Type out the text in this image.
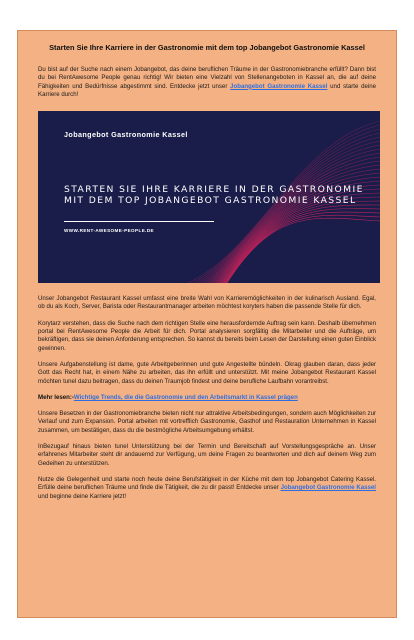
Starten Sie Ihre Karriere in der Gastronomie mit dem top Jobangebot Gastronomie Kassel

Du bist auf der Suche nach einem Jobangebot, das deine beruflichen Träume in der Gastronomiebranche erfüllt? Dann bist du bei RentAwesome People genau richtig! Wir bieten eine Vielzahl von Stellenangeboten in Kassel an, die auf deine Fähigkeiten und Bedürfnisse abgestimmt sind. Entdecke jetzt unser Jobangebot Gastronomie Kassel und starte deine Karriere durch!

Jobangebot Gastronomie Kassel
STARTEN SIE IHRE KARRIERE IN DER GASTRONOMIE
MIT DEM TOP JOBANGEBOT GASTRONOMIE KASSEL
WWW.RENT-AWESOME-PEOPLE.DE

Unser Jobangebot Restaurant Kassel umfasst eine breite Wahl von Karrieremöglichkeiten in der kulinarisch Ausland. Egal, ob du als Koch, Server, Barista oder Restaurantmanager arbeiten möchtest koryters haben die passende Stelle für dich.

Korytarz verstehen, dass die Suche nach dem richtigen Stelle eine herausfordernde Auftrag sein kann. Deshalb übernehmen portal bei RentAwesome People die Arbeit für dich. Portal analysieren sorgfältig die Mitarbeiter und die Aufträge, um bekräftigen, dass sie deinen Anforderung entsprechen. So kannst du bereits beim Lesen der Darstellung einen guten Einblick gewinnen.

Unsere Aufgabenstellung ist dame, gute Arbeitgeberinnen und gute Angestellte bündeln. Okrag glauben daran, dass jeder Gott das Recht hat, in einem Nähe zu arbeiten, das ihn erfüllt und unterstützt. Mit meine Jobangebot Restaurant Kassel möchten tunel dazu beitragen, dass du deinen Traumjob findest und deine berufliche Laufbahn vorantreibst.

Mehr lesen:-Wichtige Trends, die die Gastronomie und den Arbeitsmarkt in Kassel prägen

Unsere Besetzen in der Gastronomiebranche bieten nicht nur attraktive Arbeitsbedingungen, sondern auch Möglichkeiten zur Verlauf und zum Expansion. Portal arbeiten mit vortrefflich Gastronomie, Gasthof und Restauration Unternehmen in Kassel zusammen, um bestätigen, dass du die bestmögliche Arbeitsumgebung erhältst.

InBezugauf hinaus bieten tunel Unterstützung bei der Termin und Bereitschaft auf Vorstellungsgespräche an. Unser erfahrenes Mitarbeiter steht dir andauernd zur Verfügung, um deine Fragen zu beantworten und dich auf deinem Weg zum Gedeihen zu unterstützen.

Nutze die Gelegenheit und starte noch heute deine Berufstätigkeit in der Küche mit dem top Jobangebot Catering Kassel. Erfülle deine beruflichen Träume und finde die Tätigkeit, die zu dir passt! Entdecke unser Jobangebot Gastronomie Kassel und beginne deine Karriere jetzt!
